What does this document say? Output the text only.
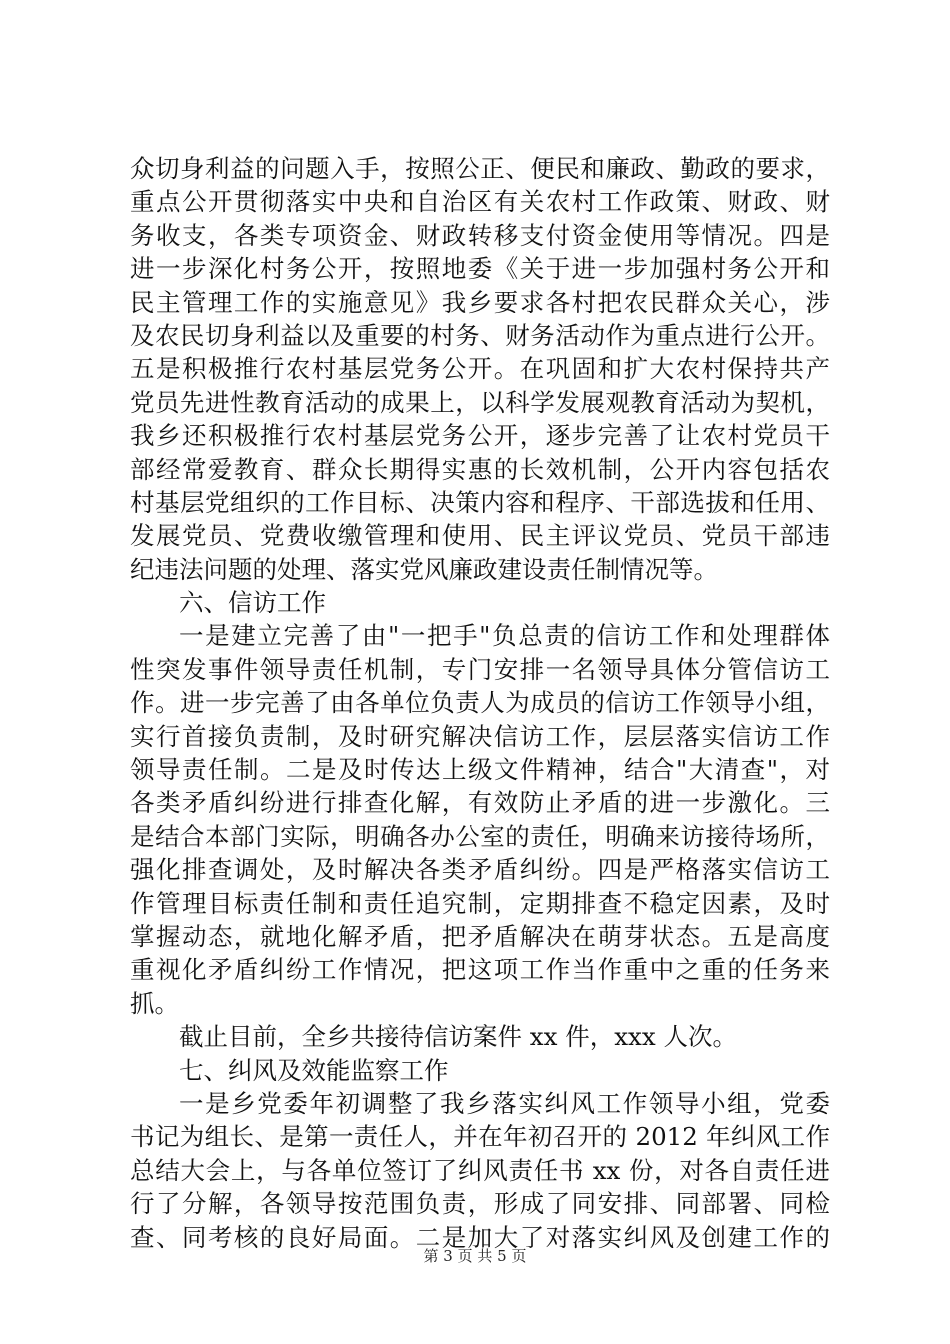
众切身利益的问题入手，按照公正、便民和廉政、勤政的要求，
重点公开贯彻落实中央和自治区有关农村工作政策、财政、财
务收支，各类专项资金、财政转移支付资金使用等情况。四是
进一步深化村务公开，按照地委《关于进一步加强村务公开和
民主管理工作的实施意见》我乡要求各村把农民群众关心，涉
及农民切身利益以及重要的村务、财务活动作为重点进行公开。
五是积极推行农村基层党务公开。在巩固和扩大农村保持共产
党员先进性教育活动的成果上，以科学发展观教育活动为契机，
我乡还积极推行农村基层党务公开，逐步完善了让农村党员干
部经常爱教育、群众长期得实惠的长效机制，公开内容包括农
村基层党组织的工作目标、决策内容和程序、干部选拔和任用、
发展党员、党费收缴管理和使用、民主评议党员、党员干部违
纪违法问题的处理、落实党风廉政建设责任制情况等。
六、信访工作
一是建立完善了由"一把手"负总责的信访工作和处理群体
性突发事件领导责任机制，专门安排一名领导具体分管信访工
作。进一步完善了由各单位负责人为成员的信访工作领导小组，
实行首接负责制，及时研究解决信访工作，层层落实信访工作
领导责任制。二是及时传达上级文件精神，结合"大清查"，对
各类矛盾纠纷进行排查化解，有效防止矛盾的进一步激化。三
是结合本部门实际，明确各办公室的责任，明确来访接待场所，
强化排查调处，及时解决各类矛盾纠纷。四是严格落实信访工
作管理目标责任制和责任追究制，定期排查不稳定因素，及时
掌握动态，就地化解矛盾，把矛盾解决在萌芽状态。五是高度
重视化矛盾纠纷工作情况，把这项工作当作重中之重的任务来
抓。
截止目前，全乡共接待信访案件 xx 件，xxx 人次。
七、纠风及效能监察工作
一是乡党委年初调整了我乡落实纠风工作领导小组，党委
书记为组长、是第一责任人，并在年初召开的 2012 年纠风工作
总结大会上，与各单位签订了纠风责任书 xx 份，对各自责任进
行了分解，各领导按范围负责，形成了同安排、同部署、同检
查、同考核的良好局面。二是加大了对落实纠风及创建工作的
第 3 页 共 5 页
